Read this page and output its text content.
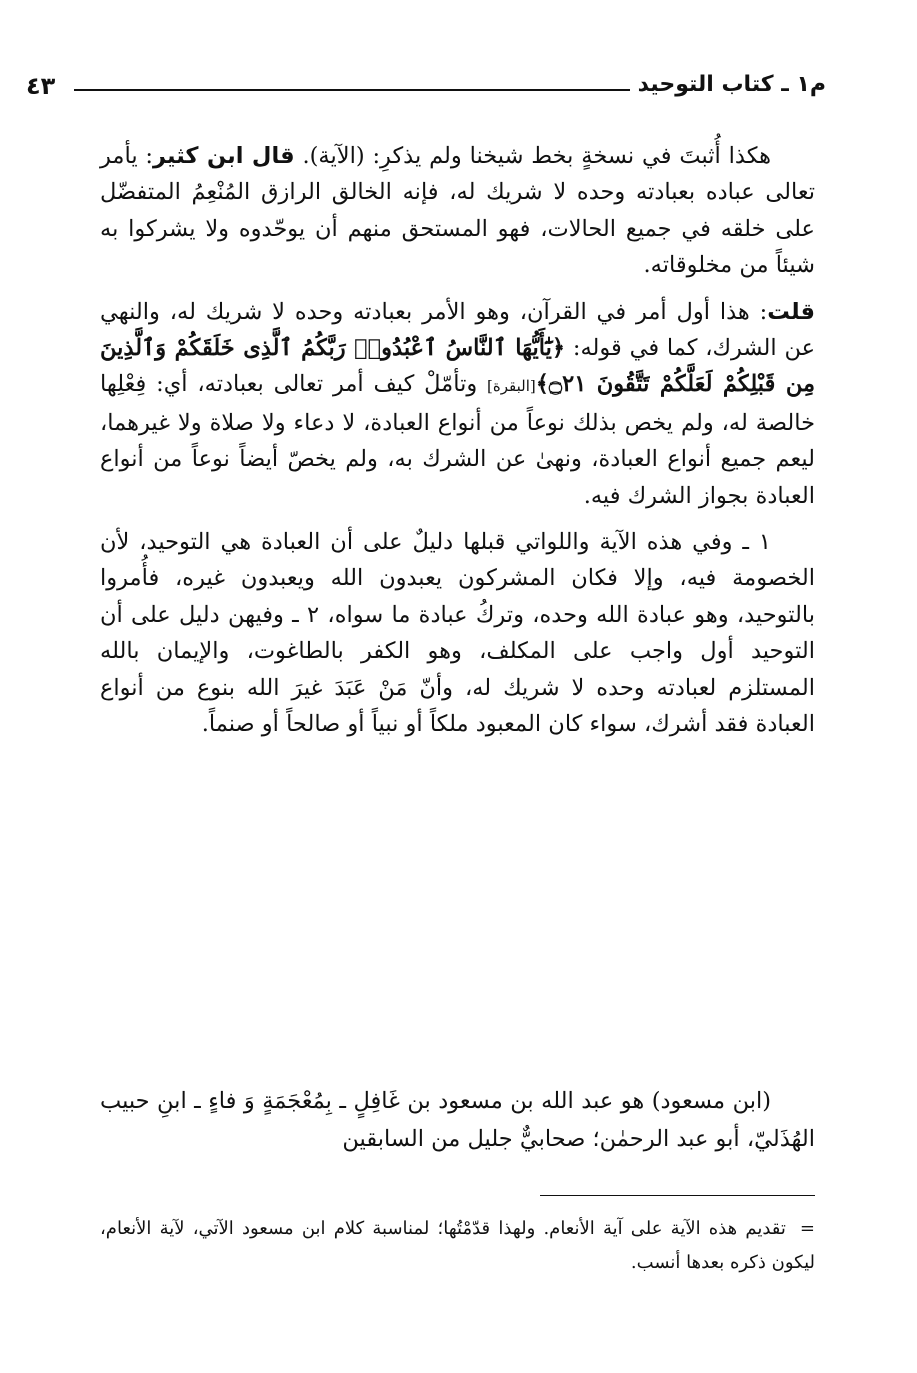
م١ ـ كتاب التوحيد
٤٣

هكذا أُثبتَ في نسخةٍ بخط شيخنا ولم يذكرِ: (الآية). قال ابن كثير: يأمر تعالى عباده بعبادته وحده لا شريك له، فإنه الخالق الرازق المُنْعِمُ المتفضّل على خلقه في جميع الحالات، فهو المستحق منهم أن يوحّدوه ولا يشركوا به شيئاً من مخلوقاته.

قلت: هذا أول أمر في القرآن، وهو الأمر بعبادته وحده لا شريك له، والنهي عن الشرك، كما في قوله: ﴿يَٰٓأَيُّهَا ٱلنَّاسُ ٱعْبُدُوا۟ رَبَّكُمُ ٱلَّذِى خَلَقَكُمْ وَٱلَّذِينَ مِن قَبْلِكُمْ لَعَلَّكُمْ تَتَّقُونَ ۝٢١﴾[البقرة] وتأمّلْ كيف أمر تعالى بعبادته، أي: فِعْلِها خالصة له، ولم يخص بذلك نوعاً من أنواع العبادة، لا دعاء ولا صلاة ولا غيرهما، ليعم جميع أنواع العبادة، ونهىٰ عن الشرك به، ولم يخصّ أيضاً نوعاً من أنواع العبادة بجواز الشرك فيه.

١ ـ وفي هذه الآية واللواتي قبلها دليلٌ على أن العبادة هي التوحيد، لأن الخصومة فيه، وإلا فكان المشركون يعبدون الله ويعبدون غيره، فأُمروا بالتوحيد، وهو عبادة الله وحده، وتركُ عبادة ما سواه، ٢ ـ وفيهن دليل على أن التوحيد أول واجب على المكلف، وهو الكفر بالطاغوت، والإيمان بالله المستلزم لعبادته وحده لا شريك له، وأنّ مَنْ عَبَدَ غيرَ الله بنوع من أنواع العبادة فقد أشرك، سواء كان المعبود ملكاً أو نبياً أو صالحاً أو صنماً.

(ابن مسعود) هو عبد الله بن مسعود بن غَافِلٍ ـ بِمُعْجَمَةٍ وَ فاءٍ ـ ابنِ حبيب الهُذَليّ، أبو عبد الرحمٰن؛ صحابيٌّ جليل من السابقين

=تقديم هذه الآية على آية الأنعام. ولهذا قدّمْتُها؛ لمناسبة كلام ابن مسعود الآتي، لآية الأنعام، ليكون ذكره بعدها أنسب.
